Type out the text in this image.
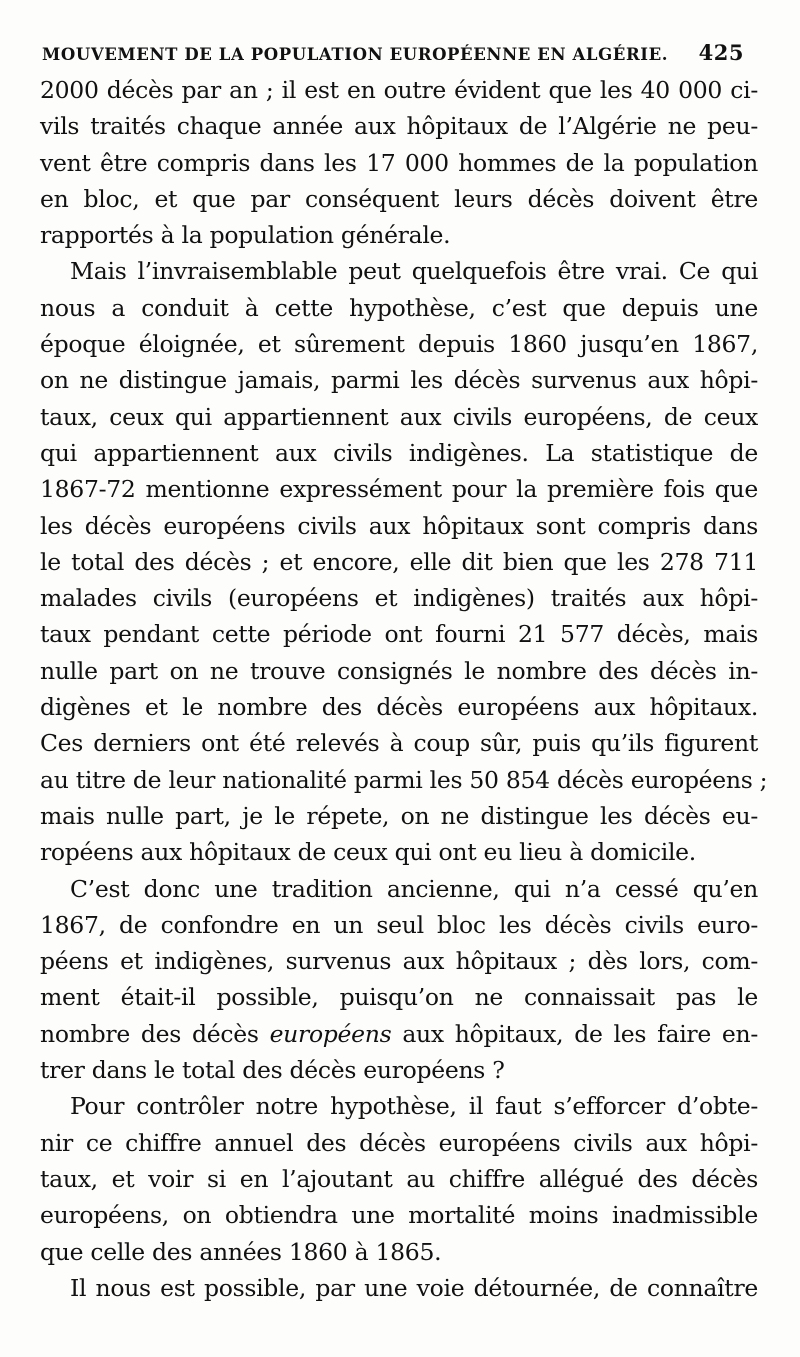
MOUVEMENT DE LA POPULATION EUROPÉENNE EN ALGÉRIE. 425
2000 décès par an ; il est en outre évident que les 40 000 ci-
vils traités chaque année aux hôpitaux de l’Algérie ne peu-
vent être compris dans les 17 000 hommes de la population
en bloc, et que par conséquent leurs décès doivent être
rapportés à la population générale.
Mais l’invraisemblable peut quelquefois être vrai. Ce qui
nous a conduit à cette hypothèse, c’est que depuis une
époque éloignée, et sûrement depuis 1860 jusqu’en 1867,
on ne distingue jamais, parmi les décès survenus aux hôpi-
taux, ceux qui appartiennent aux civils européens, de ceux
qui appartiennent aux civils indigènes. La statistique de
1867-72 mentionne expressément pour la première fois que
les décès européens civils aux hôpitaux sont compris dans
le total des décès ; et encore, elle dit bien que les 278 711
malades civils (européens et indigènes) traités aux hôpi-
taux pendant cette période ont fourni 21 577 décès, mais
nulle part on ne trouve consignés le nombre des décès in-
digènes et le nombre des décès européens aux hôpitaux.
Ces derniers ont été relevés à coup sûr, puis qu’ils figurent
au titre de leur nationalité parmi les 50 854 décès européens ;
mais nulle part, je le répete, on ne distingue les décès eu-
ropéens aux hôpitaux de ceux qui ont eu lieu à domicile.
C’est donc une tradition ancienne, qui n’a cessé qu’en
1867, de confondre en un seul bloc les décès civils euro-
péens et indigènes, survenus aux hôpitaux ; dès lors, com-
ment était-il possible, puisqu’on ne connaissait pas le
nombre des décès européens aux hôpitaux, de les faire en-
trer dans le total des décès européens ?
Pour contrôler notre hypothèse, il faut s’efforcer d’obte-
nir ce chiffre annuel des décès européens civils aux hôpi-
taux, et voir si en l’ajoutant au chiffre allégué des décès
européens, on obtiendra une mortalité moins inadmissible
que celle des années 1860 à 1865.
Il nous est possible, par une voie détournée, de connaître
